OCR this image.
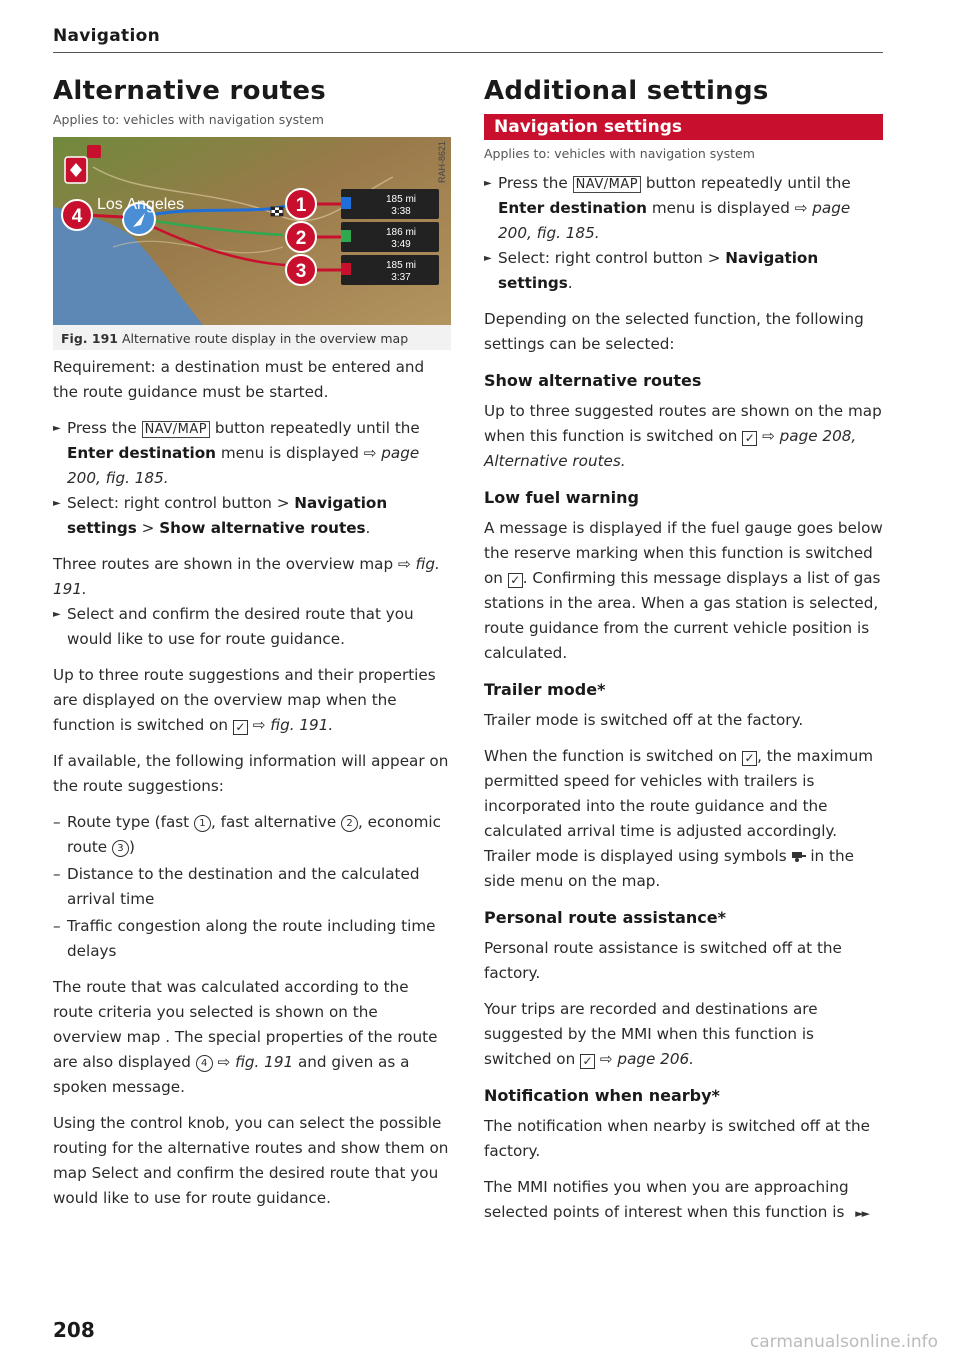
Navigation
Alternative routes
Applies to: vehicles with navigation system
1
2
3
4
185 mi
3:38
186 mi
3:49
185 mi
3:37
Los Angeles
RAH-8621
Fig. 191 Alternative route display in the overview map

Requirement: a destination must be entered and the route guidance must be started.

► Press the NAV/MAP button repeatedly until the Enter destination menu is displayed ⇨ page 200, fig. 185.

► Select: right control button > Navigation settings > Show alternative routes.

Three routes are shown in the overview map ⇨ fig. 191.

► Select and confirm the desired route that you would like to use for route guidance.

Up to three route suggestions and their properties are displayed on the overview map when the function is switched on ✓ ⇨ fig. 191.

If available, the following information will appear on the route suggestions:

– Route type (fast 1 , fast alternative 2 , economic route 3 )
– Distance to the destination and the calculated arrival time
– Traffic congestion along the route including time delays

The route that was calculated according to the route criteria you selected is shown on the overview map . The special properties of the route are also displayed 4 ⇨ fig. 191 and given as a spoken message.

Using the control knob, you can select the possible routing for the alternative routes and show them on map Select and confirm the desired route that you would like to use for route guidance.

Additional settings
Navigation settings
Applies to: vehicles with navigation system

► Press the NAV/MAP button repeatedly until the Enter destination menu is displayed ⇨ page 200, fig. 185.

► Select: right control button > Navigation settings.

Depending on the selected function, the following settings can be selected:

Show alternative routes

Up to three suggested routes are shown on the map when this function is switched on ✓ ⇨ page 208, Alternative routes.

Low fuel warning

A message is displayed if the fuel gauge goes below the reserve marking when this function is switched on ✓ . Confirming this message displays a list of gas stations in the area. When a gas station is selected, route guidance from the current vehicle position is calculated.

Trailer mode*

Trailer mode is switched off at the factory.

When the function is switched on ✓ , the maximum permitted speed for vehicles with trailers is incorporated into the route guidance and the calculated arrival time is adjusted accordingly. Trailer mode is displayed using symbols in the side menu on the map.

Personal route assistance*

Personal route assistance is switched off at the factory.

Your trips are recorded and destinations are suggested by the MMI when this function is switched on ✓ ⇨ page 206.

Notification when nearby*

The notification when nearby is switched off at the factory.

The MMI notifies you when you are approaching selected points of interest when this function is ►►

208	carmanualsonline.info
